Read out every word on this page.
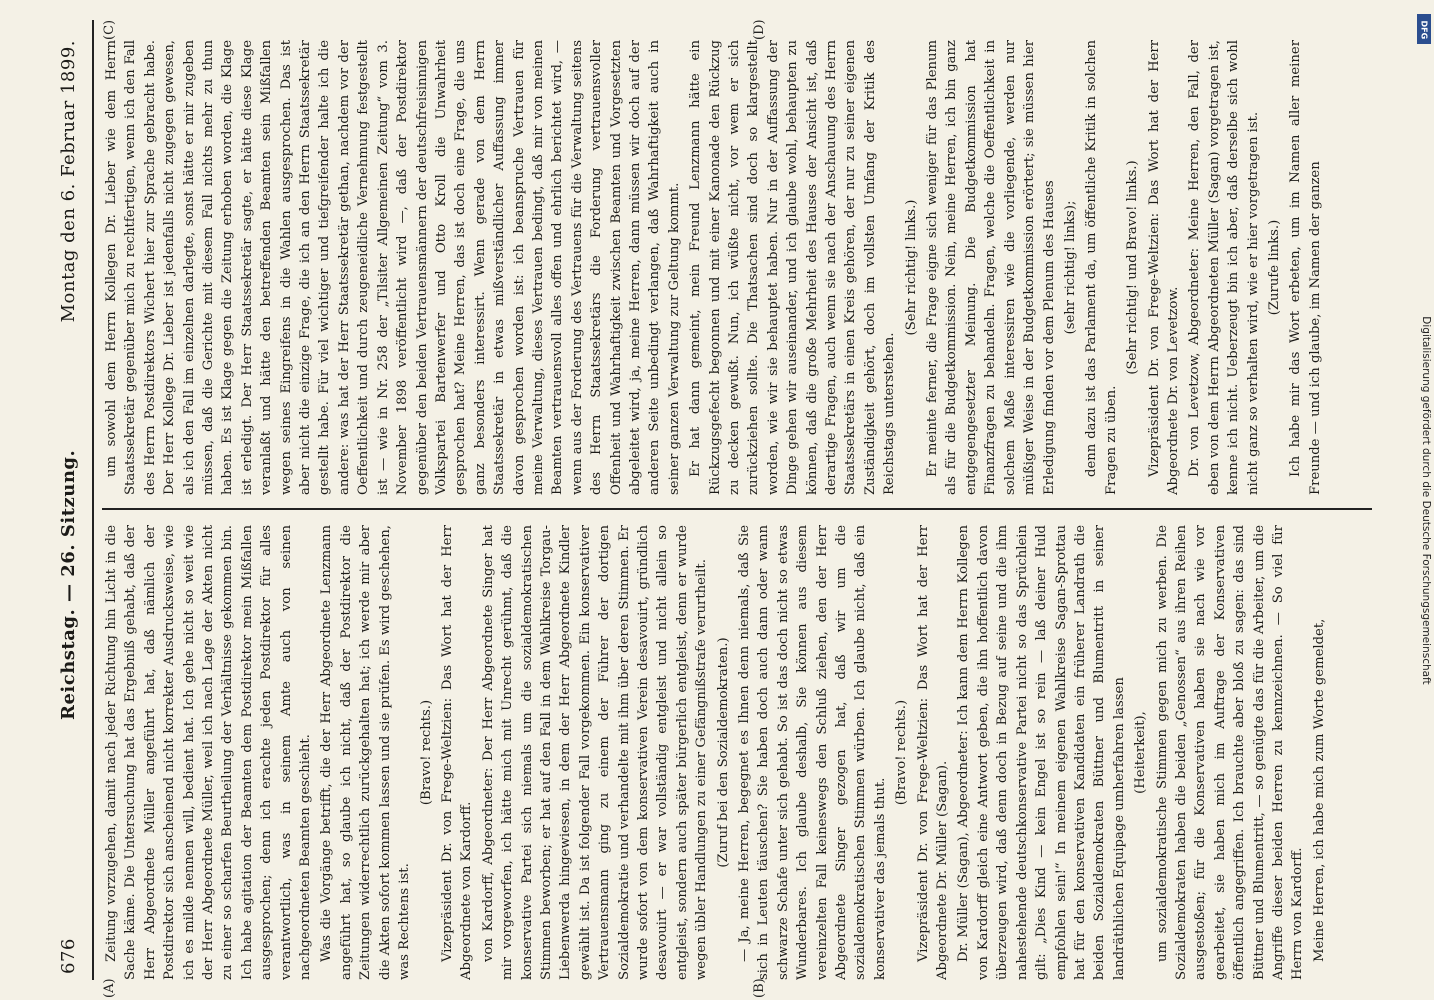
676
Reichstag. — 26. Sitzung.
Montag den 6. Februar 1899.

Zeitung vorzugehen, damit nach jeder Richtung hin Licht in die Sache käme. Die Untersuchung hat das Ergebniß gehabt, daß der Herr Abgeordnete Müller angeführt hat, daß nämlich der Postdirektor sich anscheinend nicht korrekter Ausdrucksweise, wie ich es milde nennen will, bedient hat. Ich gehe nicht so weit wie der Herr Abgeordnete Müller, weil ich nach Lage der Akten nicht zu einer so scharfen Beurtheilung der Verhältnisse gekommen bin. Ich habe agitation der Beamten dem Postdirektor mein Mißfallen ausgesprochen; denn ich erachte jeden Postdirektor für alles verantwortlich, was in seinem Amte auch von seinen nachgeordneten Beamten geschieht. Was die Vorgänge betrifft, die der Herr Abgeordnete Lenzmann angeführt hat, so glaube ich nicht, daß der Postdirektor die Zeitungen widerrechtlich zurückgehalten hat; ich werde mir aber die Akten sofort kommen lassen und sie prüfen. Es wird geschehen, was Rechtens ist.

(Bravo! rechts.) Vizepräsident Dr. von Frege-Weltzien: Das Wort hat der Herr Abgeordnete von Kardorff. von Kardorff, Abgeordneter: Der Herr Abgeordnete Singer hat mir vorgeworfen, ich hätte mich mit Unrecht gerühmt, daß die konservative Partei sich niemals um die sozialdemokratischen Stimmen beworben; er hat auf den Fall in dem Wahlkreise Torgau-Liebenwerda hingewiesen, in dem der Herr Abgeordnete Kindler gewählt ist. Da ist folgender Fall vorgekommen. Ein konservativer Vertrauensmann ging zu einem der Führer der dortigen Sozialdemokratie und verhandelte mit ihm über deren Stimmen. Er wurde sofort von dem konservativen Verein desavouirt, gründlich desavouirt — er war vollständig entgleist und nicht allein so entgleist, sondern auch später bürgerlich entgleist, denn er wurde wegen übler Handlungen zu einer Gefängnißstrafe verurtheilt. (Zuruf bei den Sozialdemokraten.) — Ja, meine Herren, begegnet es Ihnen denn niemals, daß Sie sich in Leuten täuschen? Sie haben doch auch dann oder wann schwarze Schafe unter sich gehabt. So ist das doch nicht so etwas Wunderbares. Ich glaube deshalb, Sie können aus diesem vereinzelten Fall keineswegs den Schluß ziehen, den der Herr Abgeordnete Singer gezogen hat, daß wir um die sozialdemokratischen Stimmen würben. Ich glaube nicht, daß ein konservativer das jemals thut.

(Bravo! rechts.) Vizepräsident Dr. von Frege-Weltzien: Das Wort hat der Herr Abgeordnete Dr. Müller (Sagan). Dr. Müller (Sagan), Abgeordneter: Ich kann dem Herrn Kollegen von Kardorff gleich eine Antwort geben, die ihn hoffentlich davon überzeugen wird, daß denn doch in Bezug auf seine und die ihm nahestehende deutschkonservative Partei nicht so das Sprüchlein gilt: „Dies Kind — kein Engel ist so rein — laß deiner Huld empfohlen sein!“ In meinem eigenen Wahlkreise Sagan-Sprottau hat für den konservativen Kandidaten ein früherer Landrath die beiden Sozialdemokraten Büttner und Blumentritt in seiner landräthlichen Equipage umherfahren lassen (Heiterkeit), um sozialdemokratische Stimmen gegen mich zu werben. Die Sozialdemokraten haben die beiden „Genossen“ aus ihren Reihen ausgestoßen; für die Konservativen haben sie nach wie vor gearbeitet, sie haben mich im Auftrage der Konservativen öffentlich angegriffen. Ich brauchte aber bloß zu sagen: das sind Büttner und Blumentritt, — so genügte das für die Arbeiter, um die Angriffe dieser beiden Herren zu kennzeichnen. — So viel für Herrn von Kardorff. Meine Herren, ich habe mich zum Worte gemeldet,

um sowohl dem Herrn Kollegen Dr. Lieber wie dem Herrn Staatssekretär gegenüber mich zu rechtfertigen, wenn ich den Fall des Herrn Postdirektors Wichert hier zur Sprache gebracht habe. Der Herr Kollege Dr. Lieber ist jedenfalls nicht zugegen gewesen, als ich den Fall im einzelnen darlegte, sonst hätte er mir zugeben müssen, daß die Gerichte mit diesem Fall nichts mehr zu thun haben. Es ist Klage gegen die Zeitung erhoben worden, die Klage ist erledigt. Der Herr Staatssekretär sagte, er hätte diese Klage veranlaßt und hätte den betreffenden Beamten sein Mißfallen wegen seines Eingreifens in die Wahlen ausgesprochen. Das ist aber nicht die einzige Frage, die ich an den Herrn Staatssekretär gestellt habe. Für viel wichtiger und tiefgreifender halte ich die andere: was hat der Herr Staatssekretär gethan, nachdem vor der Oeffentlichkeit und durch zeugeneidliche Vernehmung festgestellt ist — wie in Nr. 258 der „Tilsiter Allgemeinen Zeitung“ vom 3. November 1898 veröffentlicht wird —, daß der Postdirektor gegenüber den beiden Vertrauensmännern der deutschfreisinnigen Volkspartei Bartenwerfer und Otto Kroll die Unwahrheit gesprochen hat? Meine Herren, das ist doch eine Frage, die uns ganz besonders interessirt. Wenn gerade von dem Herrn Staatssekretär in etwas mißverständlicher Auffassung immer davon gesprochen worden ist: ich beanspruche Vertrauen für meine Verwaltung, dieses Vertrauen bedingt, daß mir von meinen Beamten vertrauensvoll alles offen und ehrlich berichtet wird, — wenn aus der Forderung des Vertrauens für die Verwaltung seitens des Herrn Staatssekretärs die Forderung vertrauensvoller Offenheit und Wahrhaftigkeit zwischen Beamten und Vorgesetzten abgeleitet wird, ja, meine Herren, dann müssen wir doch auf der anderen Seite unbedingt verlangen, daß Wahrhaftigkeit auch in seiner ganzen Verwaltung zur Geltung kommt. Er hat dann gemeint, mein Freund Lenzmann hätte ein Rückzugsgefecht begonnen und mit einer Kanonade den Rückzug zu decken gewußt. Nun, ich wüßte nicht, vor wem er sich zurückziehen sollte. Die Thatsachen sind doch so klargestellt worden, wie wir sie behauptet haben. Nur in der Auffassung der Dinge gehen wir auseinander, und ich glaube wohl, behaupten zu können, daß die große Mehrheit des Hauses der Ansicht ist, daß derartige Fragen, auch wenn sie nach der Anschauung des Herrn Staatssekretärs in einen Kreis gehören, der nur zu seiner eigenen Zuständigkeit gehört, doch im vollsten Umfang der Kritik des Reichstags unterstehen.

(Sehr richtig! links.) Er meinte ferner, die Frage eigne sich weniger für das Plenum als für die Budgetkommission. Nein, meine Herren, ich bin ganz entgegengesetzter Meinung. Die Budgetkommission hat Finanzfragen zu behandeln. Fragen, welche die Oeffentlichkeit in solchem Maße interessiren wie die vorliegende, werden nur müßiger Weise in der Budgetkommission erörtert; sie müssen hier Erledigung finden vor dem Plenum des Hauses (sehr richtig! links); denn dazu ist das Parlament da, um öffentliche Kritik in solchen Fragen zu üben.

(Sehr richtig! und Bravo! links.) Vizepräsident Dr. von Frege-Weltzien: Das Wort hat der Herr Abgeordnete Dr. von Levetzow. Dr. von Levetzow, Abgeordneter: Meine Herren, den Fall, der eben von dem Herrn Abgeordneten Müller (Sagan) vorgetragen ist, kenne ich nicht. Ueberzeugt bin ich aber, daß derselbe sich wohl nicht ganz so verhalten wird, wie er hier vorgetragen ist. (Zurufe links.) Ich habe mir das Wort erbeten, um im Namen aller meiner Freunde — und ich glaube, im Namen der ganzen

(A)	(B)
(C)	(D)	DFG
Digitalisierung gefördert durch die Deutsche Forschungsgemeinschaft
